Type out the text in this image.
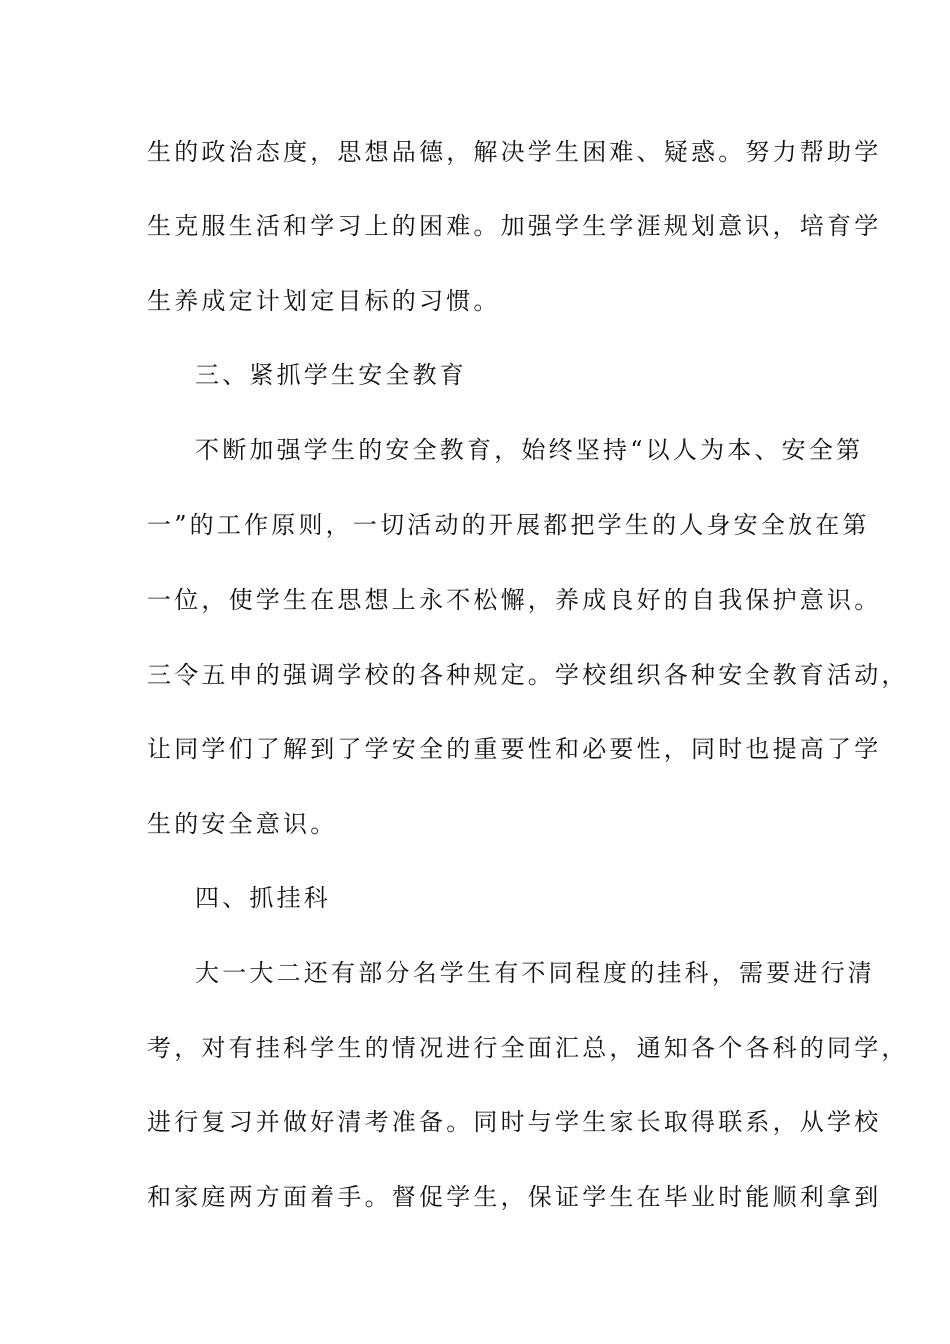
生的政治态度，思想品德，解决学生困难、疑惑。努力帮助学
生克服生活和学习上的困难。加强学生学涯规划意识，培育学
生养成定计划定目标的习惯。
三、紧抓学生安全教育
不断加强学生的安全教育，始终坚持“以人为本、安全第
一”的工作原则，一切活动的开展都把学生的人身安全放在第
一位，使学生在思想上永不松懈，养成良好的自我保护意识。
三令五申的强调学校的各种规定。学校组织各种安全教育活动，
让同学们了解到了学安全的重要性和必要性，同时也提高了学
生的安全意识。
四、抓挂科
大一大二还有部分名学生有不同程度的挂科，需要进行清
考，对有挂科学生的情况进行全面汇总，通知各个各科的同学，
进行复习并做好清考准备。同时与学生家长取得联系，从学校
和家庭两方面着手。督促学生，保证学生在毕业时能顺利拿到
